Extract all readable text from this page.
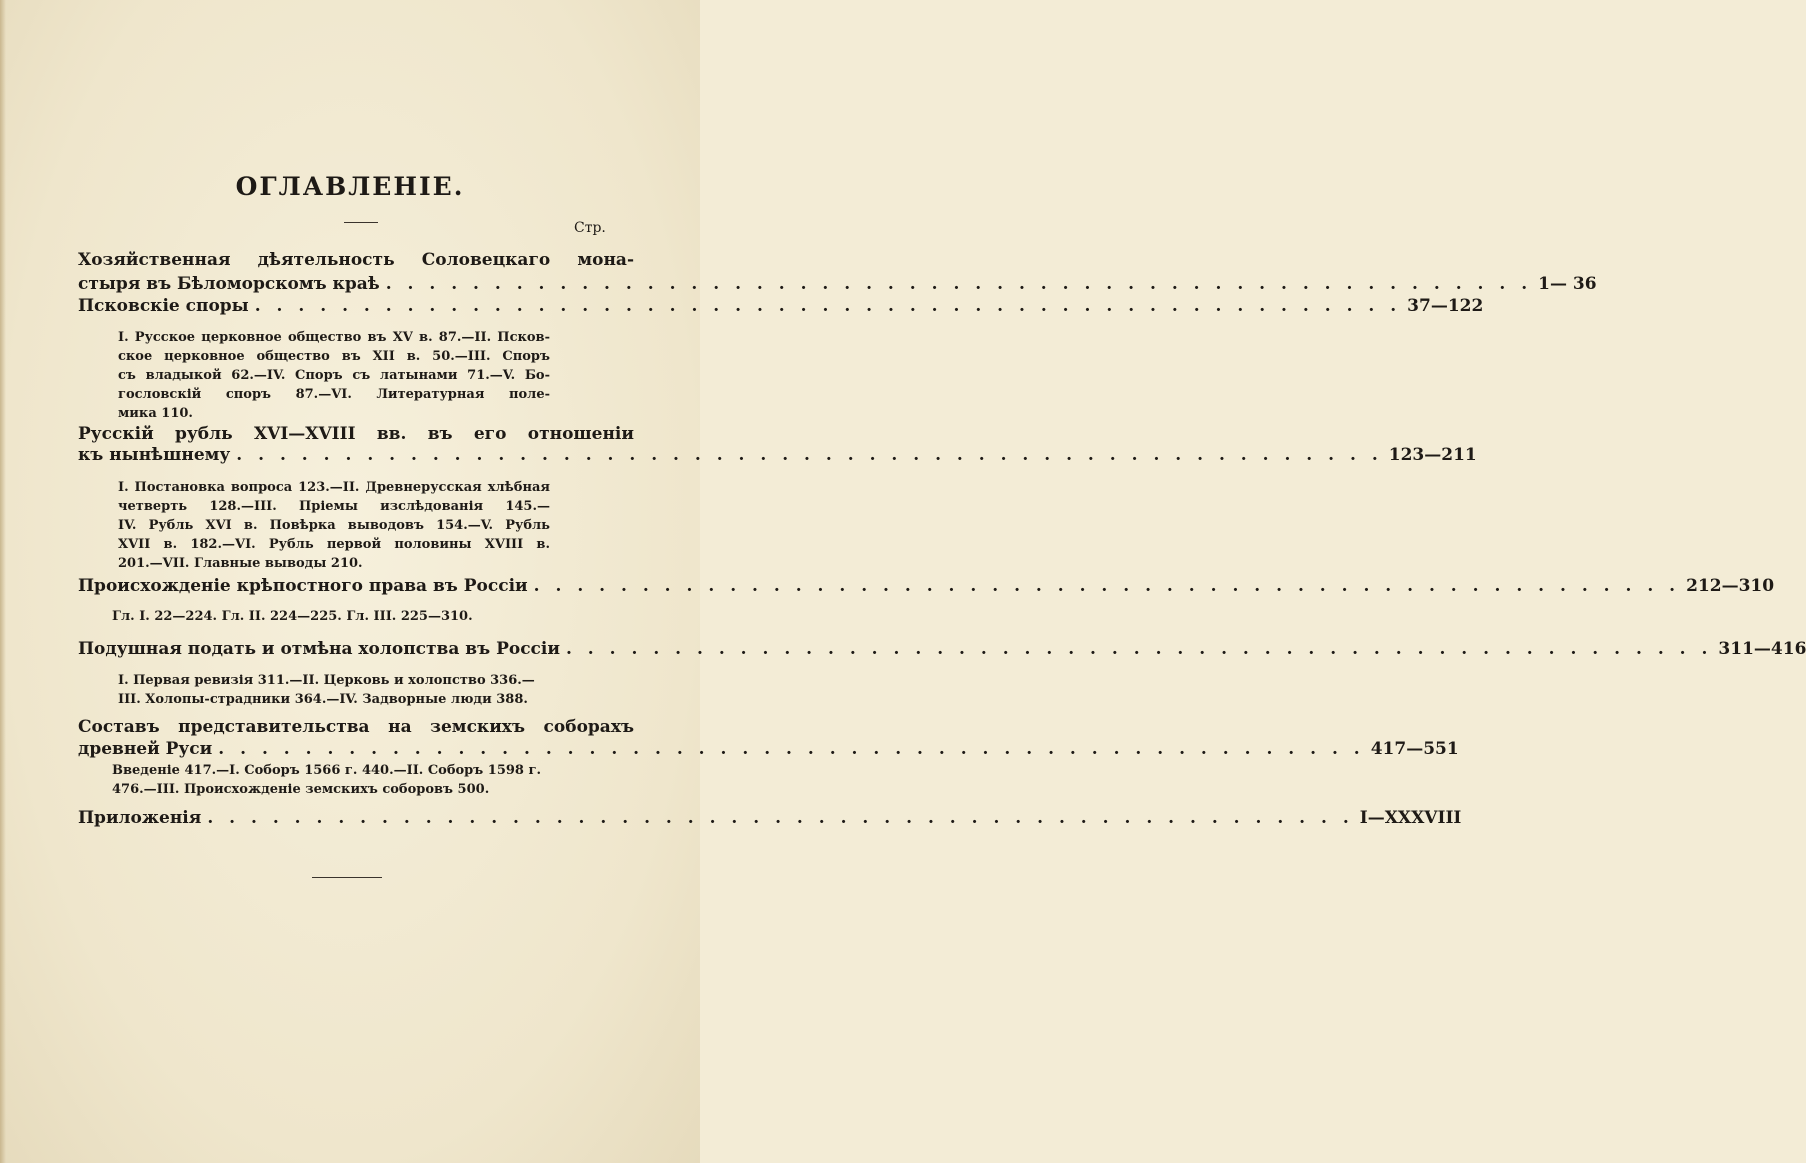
ОГЛАВЛЕНІЕ.
Стр.
Хозяйственная дѣятельность Соловецкаго мона-
стыря въ Бѣломорскомъ краѣ . . . . . . . . . . . . . . . . . . . . . . . . . . . . . . . . . . . . . . . . . . . . . . . . . . . . . 1— 36
Псковскіе споры . . . . . . . . . . . . . . . . . . . . . . . . . . . . . . . . . . . . . . . . . . . . . . . . . . . . . 37—122
I. Русское церковное общество въ XV в. 87.—II. Псков-
ское церковное общество въ XII в. 50.—III. Споръ
съ владыкой 62.—IV. Споръ съ латынами 71.—V. Бо-
гословскій споръ 87.—VI. Литературная поле-
мика 110.
Русскій рубль XVI—XVIII вв. въ его отношеніи
къ нынѣшнему . . . . . . . . . . . . . . . . . . . . . . . . . . . . . . . . . . . . . . . . . . . . . . . . . . . . . 123—211
I. Постановка вопроса 123.—II. Древнерусская хлѣбная
четверть 128.—III. Пріемы изслѣдованія 145.—
IV. Рубль XVI в. Повѣрка выводовъ 154.—V. Рубль
XVII в. 182.—VI. Рубль первой половины XVIII в.
201.—VII. Главные выводы 210.
Происхожденіе крѣпостного права въ Россіи . . . . . . . . . . . . . . . . . . . . . . . . . . . . . . . . . . . . . . . . . . . . . . . . . . . . . 212—310
Гл. I. 22—224. Гл. II. 224—225. Гл. III. 225—310.
Подушная подать и отмѣна холопства въ Россіи . . . . . . . . . . . . . . . . . . . . . . . . . . . . . . . . . . . . . . . . . . . . . . . . . . . . . 311—416
I. Первая ревизія 311.—II. Церковь и холопство 336.—
III. Холопы-страдники 364.—IV. Задворные люди 388.
Составъ представительства на земскихъ соборахъ
древней Руси . . . . . . . . . . . . . . . . . . . . . . . . . . . . . . . . . . . . . . . . . . . . . . . . . . . . . 417—551
Введеніе 417.—I. Соборъ 1566 г. 440.—II. Соборъ 1598 г.
476.—III. Происхожденіе земскихъ соборовъ 500.
Приложенія . . . . . . . . . . . . . . . . . . . . . . . . . . . . . . . . . . . . . . . . . . . . . . . . . . . . . I—XXXVIII
